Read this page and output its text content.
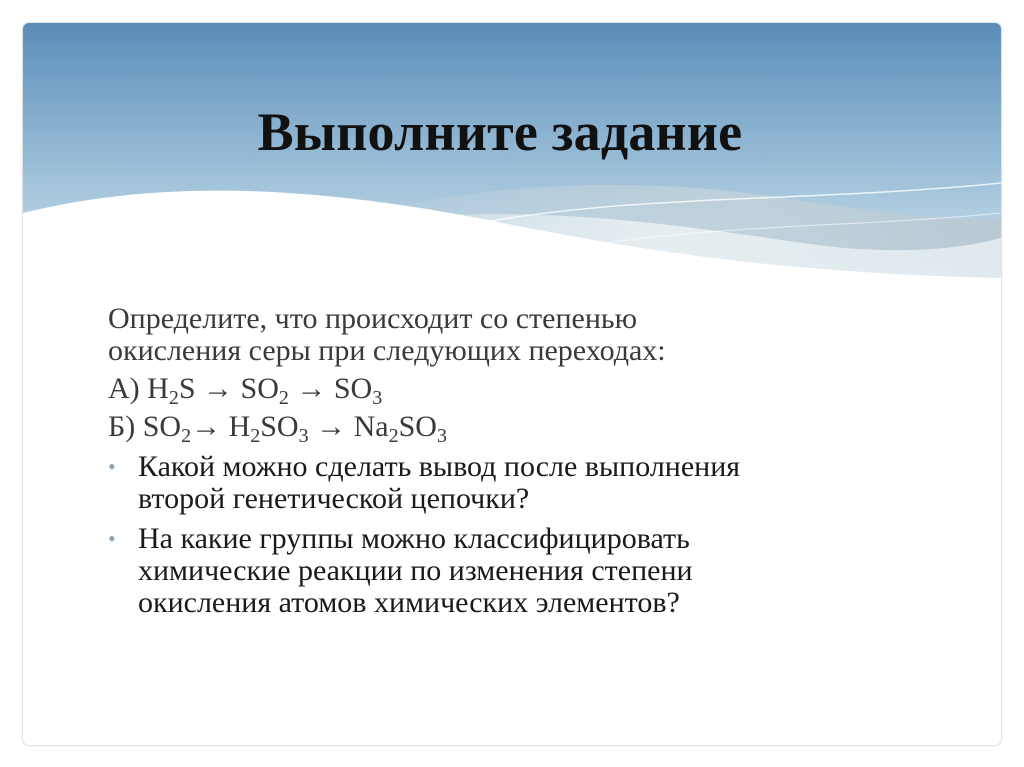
Выполните задание

Определите, что происходит со степенью
окисления серы при следующих переходах:

А) $H_2S \to SO_2 \to SO_3$
Б) $SO_2\to H_2SO_3 \to Na_2SO_3$
• Какой можно сделать вывод после выполнения
второй генетической цепочки?
• На какие группы можно классифицировать
химические реакции по изменения степени
окисления атомов химических элементов?
